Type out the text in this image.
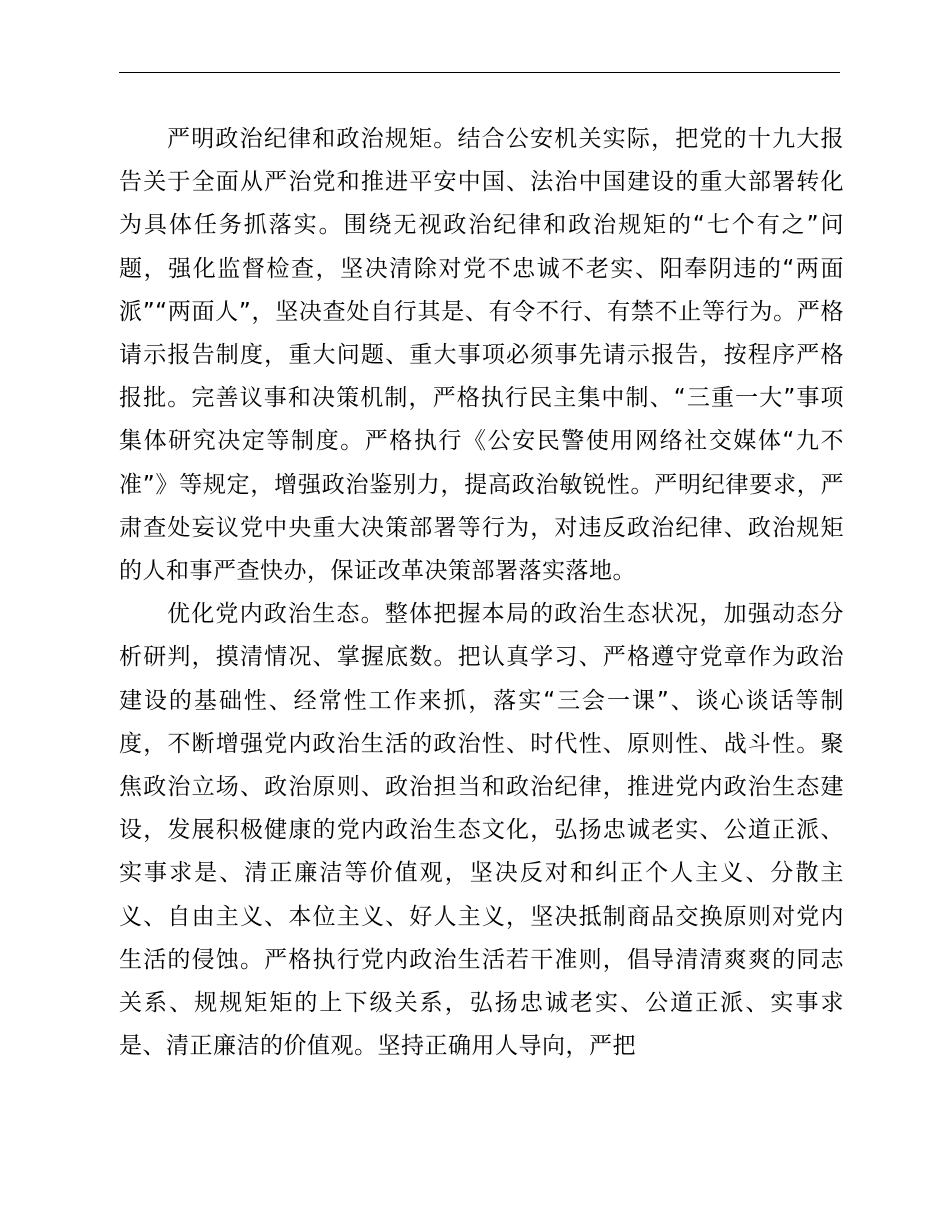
严明政治纪律和政治规矩。结合公安机关实际，把党的十九大报告关于全面从严治党和推进平安中国、法治中国建设的重大部署转化为具体任务抓落实。围绕无视政治纪律和政治规矩的“七个有之”问题，强化监督检查，坚决清除对党不忠诚不老实、阳奉阴违的“两面派”“两面人”，坚决查处自行其是、有令不行、有禁不止等行为。严格请示报告制度，重大问题、重大事项必须事先请示报告，按程序严格报批。完善议事和决策机制，严格执行民主集中制、“三重一大”事项集体研究决定等制度。严格执行《公安民警使用网络社交媒体“九不准”》等规定，增强政治鉴别力，提高政治敏锐性。严明纪律要求，严肃查处妄议党中央重大决策部署等行为，对违反政治纪律、政治规矩的人和事严查快办，保证改革决策部署落实落地。

优化党内政治生态。整体把握本局的政治生态状况，加强动态分析研判，摸清情况、掌握底数。把认真学习、严格遵守党章作为政治建设的基础性、经常性工作来抓，落实“三会一课”、谈心谈话等制度，不断增强党内政治生活的政治性、时代性、原则性、战斗性。聚焦政治立场、政治原则、政治担当和政治纪律，推进党内政治生态建设，发展积极健康的党内政治生态文化，弘扬忠诚老实、公道正派、实事求是、清正廉洁等价值观，坚决反对和纠正个人主义、分散主义、自由主义、本位主义、好人主义，坚决抵制商品交换原则对党内生活的侵蚀。严格执行党内政治生活若干准则，倡导清清爽爽的同志关系、规规矩矩的上下级关系，弘扬忠诚老实、公道正派、实事求是、清正廉洁的价值观。坚持正确用人导向，严把
